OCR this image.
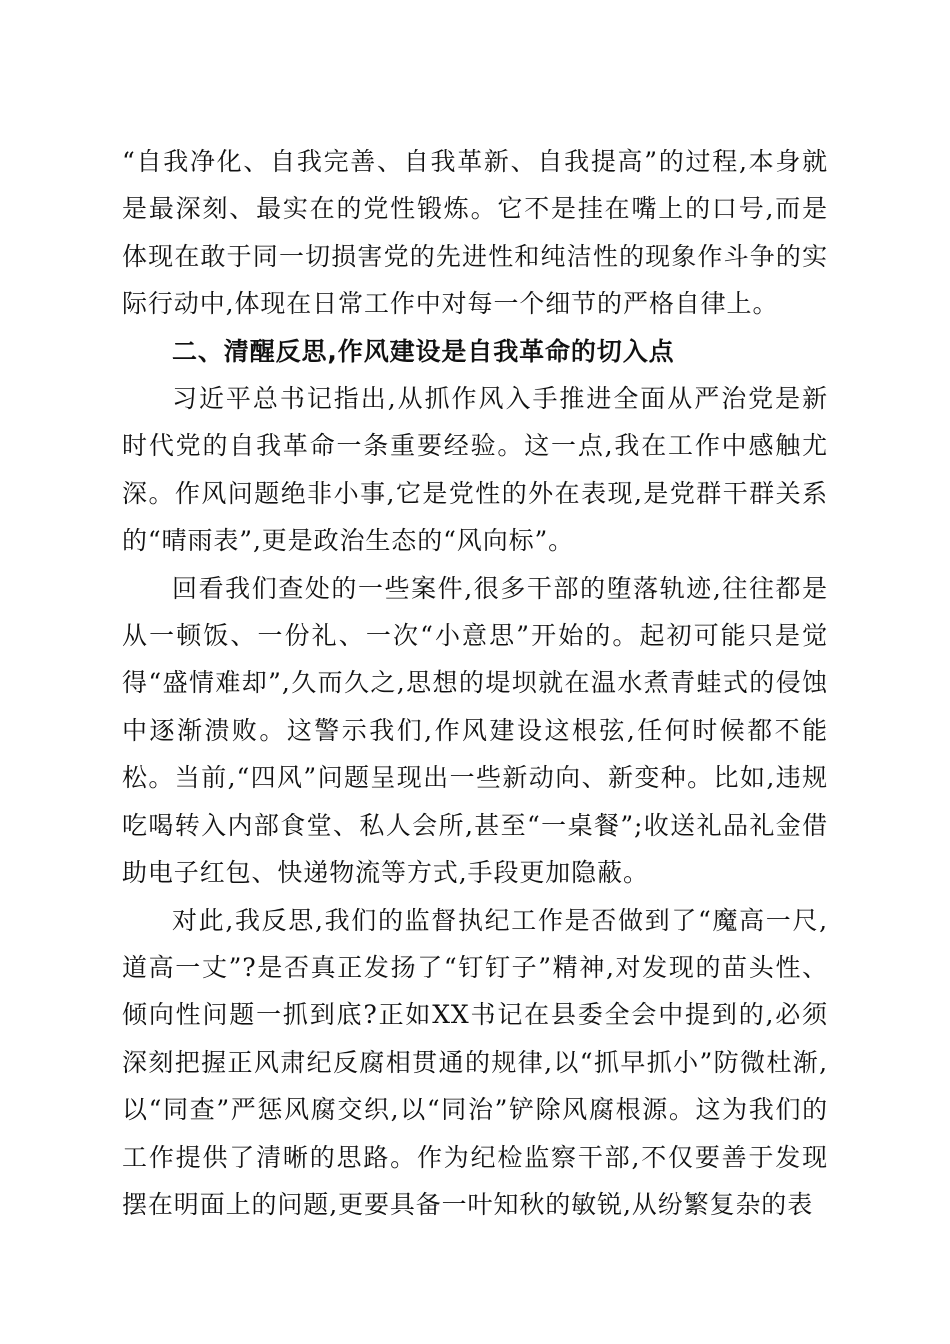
“自我净化、自我完善、自我革新、自我提高”的过程,本身就是最深刻、最实在的党性锻炼。它不是挂在嘴上的口号,而是体现在敢于同一切损害党的先进性和纯洁性的现象作斗争的实际行动中,体现在日常工作中对每一个细节的严格自律上。

二、清醒反思,作风建设是自我革命的切入点

习近平总书记指出,从抓作风入手推进全面从严治党是新时代党的自我革命一条重要经验。这一点,我在工作中感触尤深。作风问题绝非小事,它是党性的外在表现,是党群干群关系的“晴雨表”,更是政治生态的“风向标”。

回看我们查处的一些案件,很多干部的堕落轨迹,往往都是从一顿饭、一份礼、一次“小意思”开始的。起初可能只是觉得“盛情难却”,久而久之,思想的堤坝就在温水煮青蛙式的侵蚀中逐渐溃败。这警示我们,作风建设这根弦,任何时候都不能松。当前,“四风”问题呈现出一些新动向、新变种。比如,违规吃喝转入内部食堂、私人会所,甚至“一桌餐”;收送礼品礼金借助电子红包、快递物流等方式,手段更加隐蔽。

对此,我反思,我们的监督执纪工作是否做到了“魔高一尺,道高一丈”?是否真正发扬了“钉钉子”精神,对发现的苗头性、倾向性问题一抓到底?正如XX书记在县委全会中提到的,必须深刻把握正风肃纪反腐相贯通的规律,以“抓早抓小”防微杜渐,以“同查”严惩风腐交织,以“同治”铲除风腐根源。这为我们的工作提供了清晰的思路。作为纪检监察干部,不仅要善于发现摆在明面上的问题,更要具备一叶知秋的敏锐,从纷繁复杂的表
